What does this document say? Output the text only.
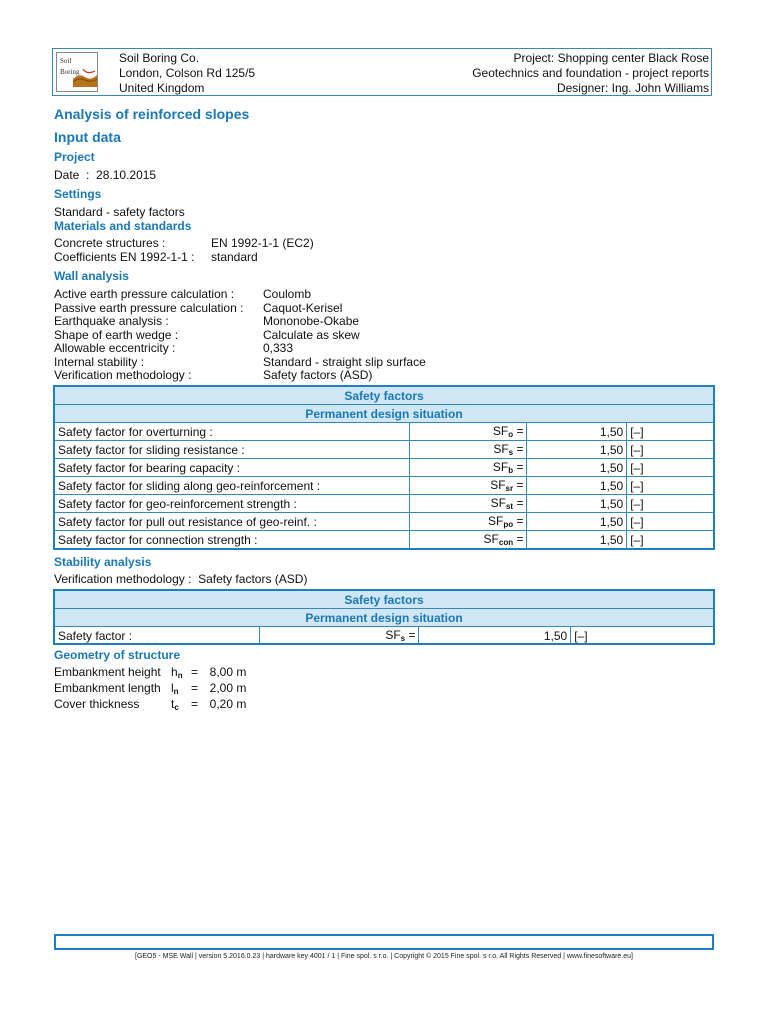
Soil
Boring
Soil Boring Co.
London, Colson Rd 125/5
United Kingdom
Project: Shopping center Black Rose
Geotechnics and foundation - project reports
Designer: Ing. John Williams
Analysis of reinforced slopes
Input data
Project
Date : 28.10.2015
Settings
Standard - safety factors
Materials and standards
Concrete structures :	EN 1992-1-1 (EC2)
Coefficients EN 1992-1-1 : standard
Wall analysis
Active earth pressure calculation : Coulomb
Passive earth pressure calculation : Caquot-Kerisel
Earthquake analysis :	Mononobe-Okabe
Shape of earth wedge :	Calculate as skew
Allowable eccentricity :	0,333
Internal stability :	Standard - straight slip surface
Verification methodology :	Safety factors (ASD)
Safety factors			
Permanent design situation			
Safety factor for overturning :	$SF_o$ =	1,50	[–]
Safety factor for sliding resistance :	$SF_s$ =	1,50	[–]
Safety factor for bearing capacity :	$SF_b$ =	1,50	[–]
Safety factor for sliding along geo-reinforcement :	$SF_{sr}$ =	1,50	[–]
Safety factor for geo-reinforcement strength :	$SF_{st}$ =	1,50	[–]
Safety factor for pull out resistance of geo-reinf. :	$SF_{po}$ =	1,50	[–]
Safety factor for connection strength :	$SF_{con}$ =	1,50	[–]
Stability analysis
Verification methodology :  Safety factors (ASD)
Safety factors
Permanent design situation
Safety factor :	$SF_s$ =	1,50	[–]
Geometry of structure
Embankment height $h_n = 8,00$ m
Embankment length $l_n = 2,00$ m
Cover thickness	$t_c = 0,20$ m
[GEO5 - MSE Wall | version 5.2016.0.23 | hardware key 4001 / 1 | Fine spol. s r.o. | Copyright © 2015 Fine spol. s r.o. All Rights Reserved | www.finesoftware.eu]
